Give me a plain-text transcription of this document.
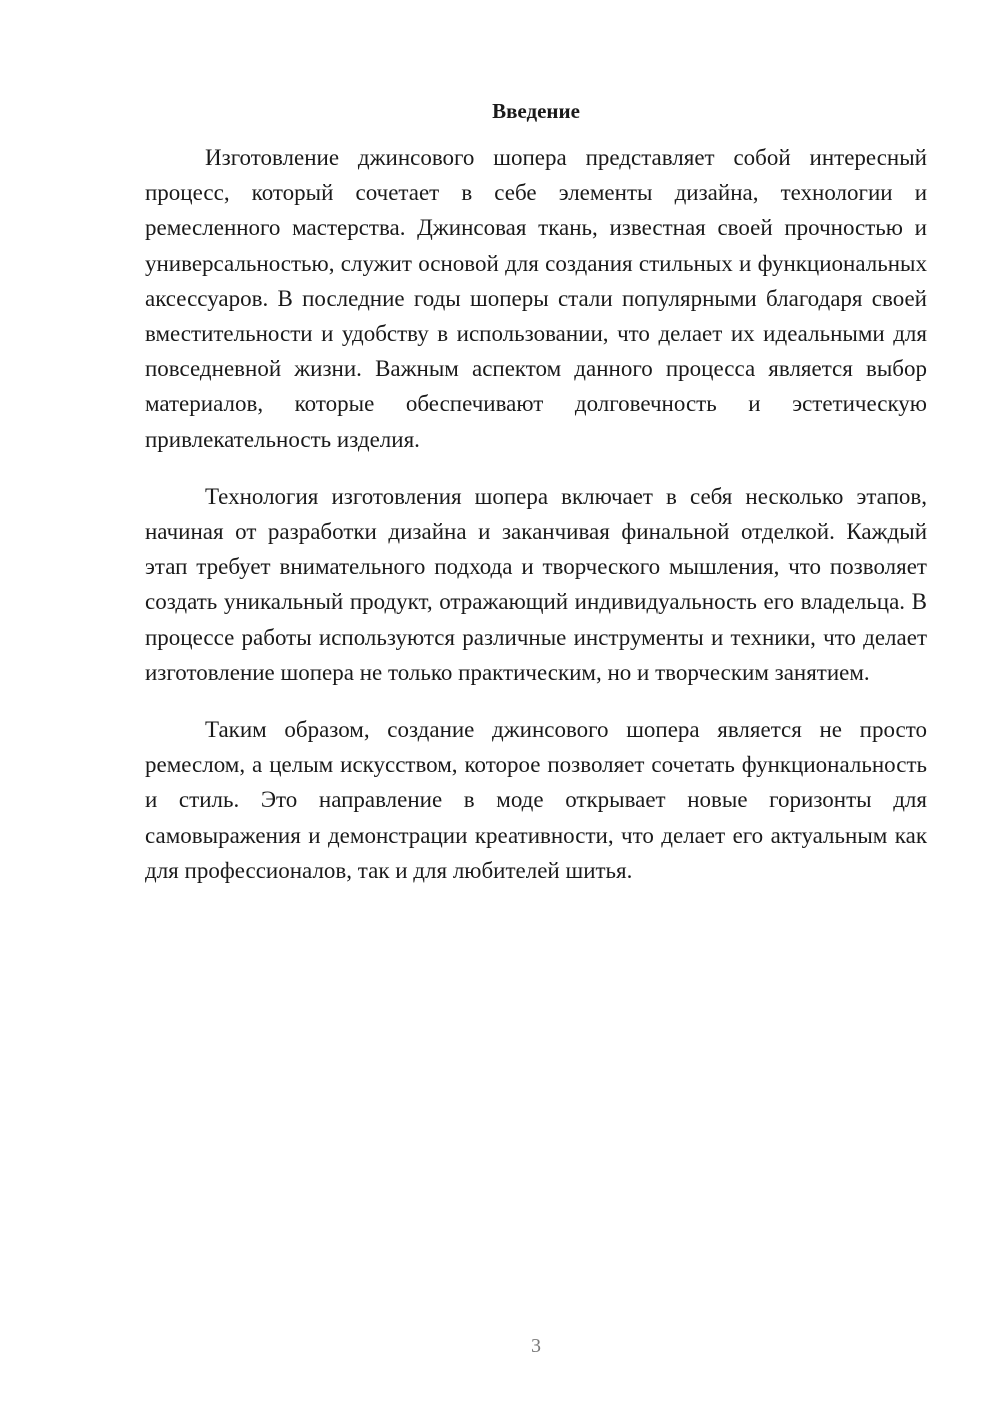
Введение

Изготовление джинсового шопера представляет собой интересный процесс, который сочетает в себе элементы дизайна, технологии и ремесленного мастерства. Джинсовая ткань, известная своей прочностью и универсальностью, служит основой для создания стильных и функциональных аксессуаров. В последние годы шоперы стали популярными благодаря своей вместительности и удобству в использовании, что делает их идеальными для повседневной жизни. Важным аспектом данного процесса является выбор материалов, которые обеспечивают долговечность и эстетическую привлекательность изделия.

Технология изготовления шопера включает в себя несколько этапов, начиная от разработки дизайна и заканчивая финальной отделкой. Каждый этап требует внимательного подхода и творческого мышления, что позволяет создать уникальный продукт, отражающий индивидуальность его владельца. В процессе работы используются различные инструменты и техники, что делает изготовление шопера не только практическим, но и творческим занятием.

Таким образом, создание джинсового шопера является не просто ремеслом, а целым искусством, которое позволяет сочетать функциональность и стиль. Это направление в моде открывает новые горизонты для самовыражения и демонстрации креативности, что делает его актуальным как для профессионалов, так и для любителей шитья.

3
